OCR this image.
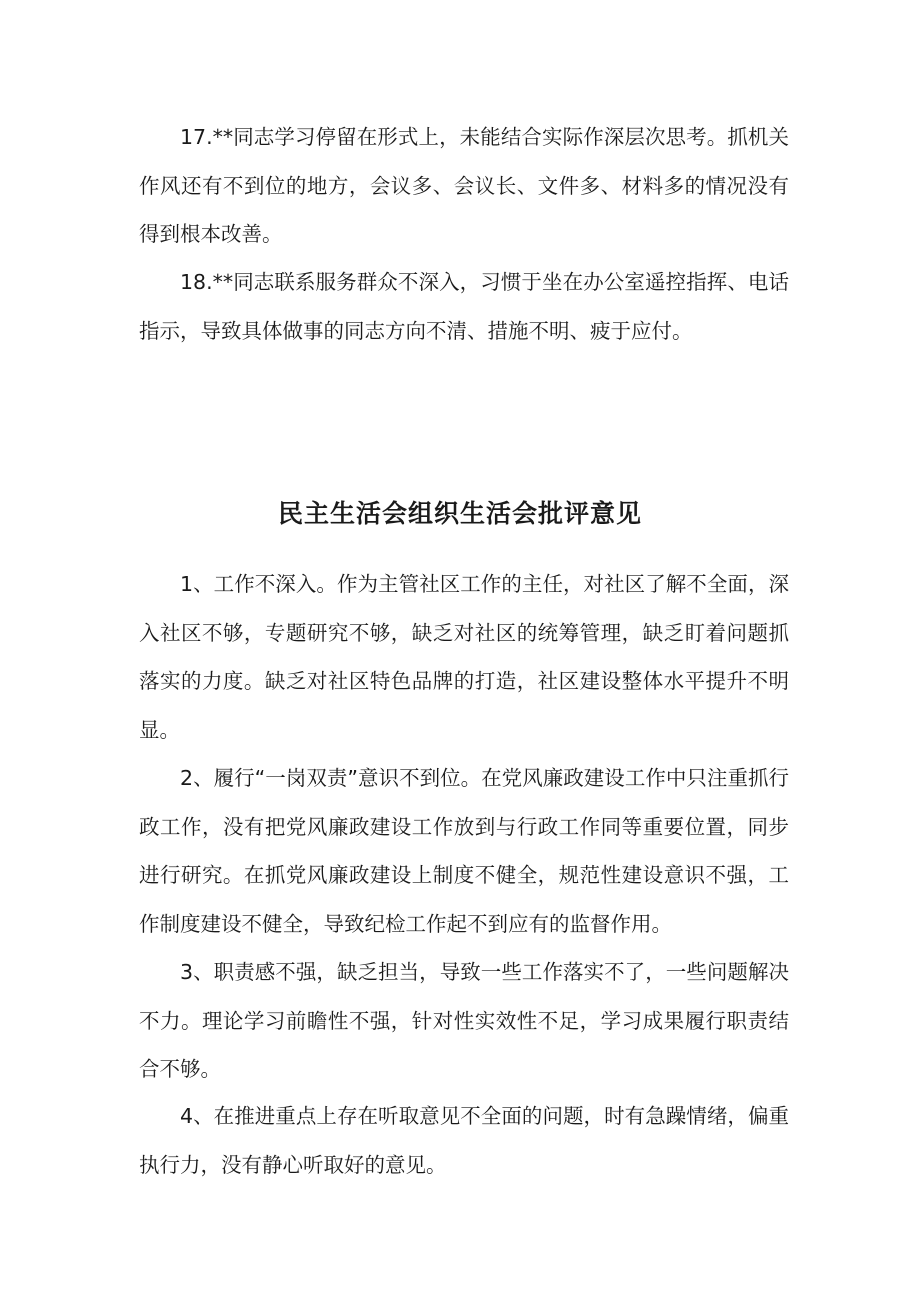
17.**同志学习停留在形式上，未能结合实际作深层次思考。抓机关作风还有不到位的地方，会议多、会议长、文件多、材料多的情况没有得到根本改善。

18.**同志联系服务群众不深入，习惯于坐在办公室遥控指挥、电话指示，导致具体做事的同志方向不清、措施不明、疲于应付。

民主生活会组织生活会批评意见

1、工作不深入。作为主管社区工作的主任，对社区了解不全面，深入社区不够，专题研究不够，缺乏对社区的统筹管理，缺乏盯着问题抓落实的力度。缺乏对社区特色品牌的打造，社区建设整体水平提升不明显。

2、履行“一岗双责”意识不到位。在党风廉政建设工作中只注重抓行政工作，没有把党风廉政建设工作放到与行政工作同等重要位置，同步进行研究。在抓党风廉政建设上制度不健全，规范性建设意识不强，工作制度建设不健全，导致纪检工作起不到应有的监督作用。

3、职责感不强，缺乏担当，导致一些工作落实不了，一些问题解决不力。理论学习前瞻性不强，针对性实效性不足，学习成果履行职责结合不够。

4、在推进重点上存在听取意见不全面的问题，时有急躁情绪，偏重执行力，没有静心听取好的意见。
